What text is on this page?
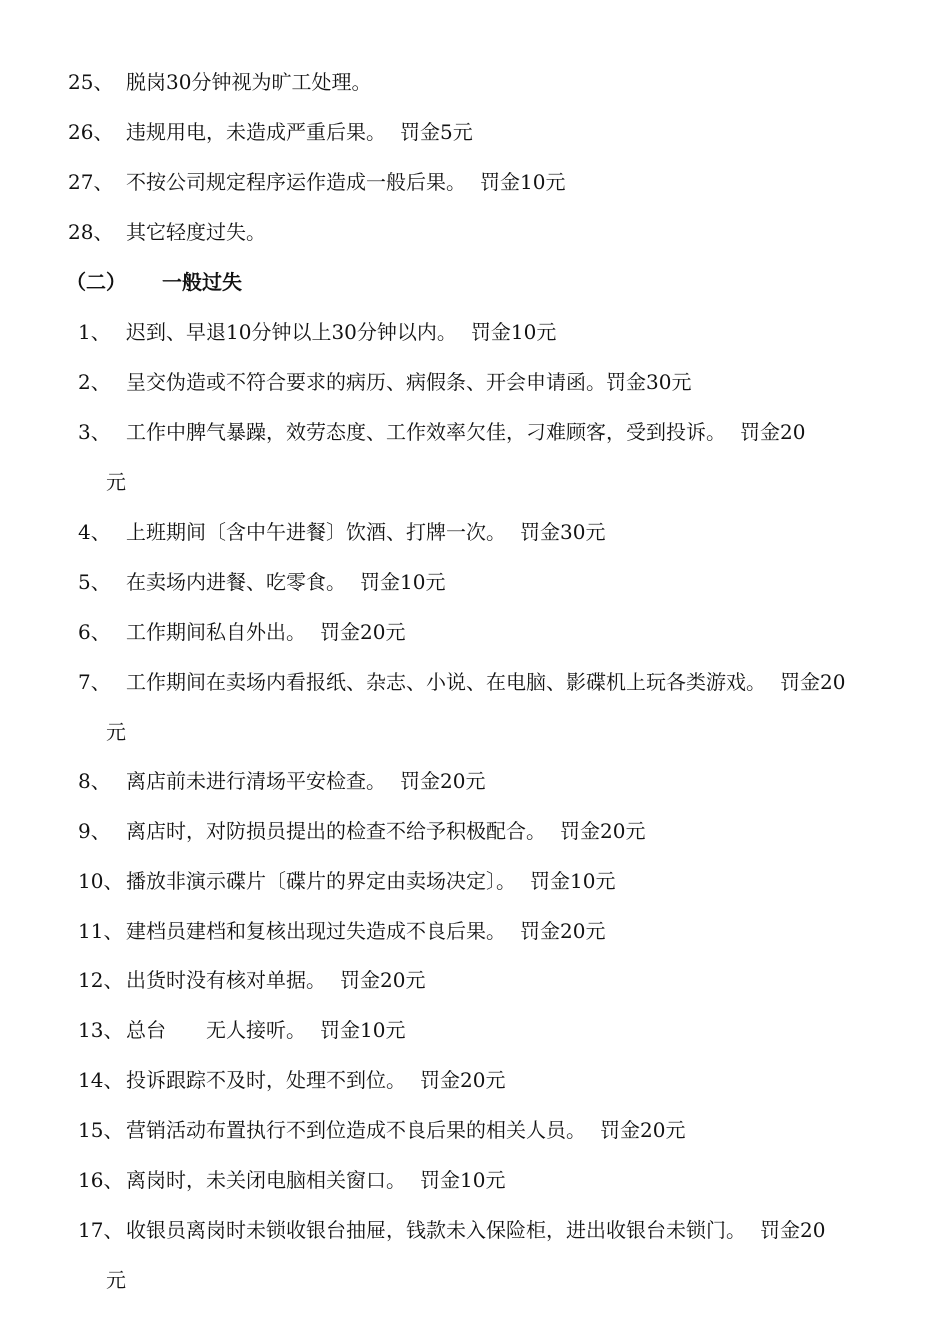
25、 脱岗30分钟视为旷工处理。
26、 违规用电，未造成严重后果。 罚金5元
27、 不按公司规定程序运作造成一般后果。 罚金10元
28、 其它轻度过失。
（二） 一般过失
1、 迟到、早退10分钟以上30分钟以内。 罚金10元
2、 呈交伪造或不符合要求的病历、病假条、开会申请函。罚金30元
3、 工作中脾气暴躁，效劳态度、工作效率欠佳，刁难顾客，受到投诉。 罚金20
元
4、 上班期间〔含中午进餐〕饮酒、打牌一次。 罚金30元
5、 在卖场内进餐、吃零食。 罚金10元
6、 工作期间私自外出。 罚金20元
7、 工作期间在卖场内看报纸、杂志、小说、在电脑、影碟机上玩各类游戏。 罚金20
元
8、 离店前未进行清场平安检查。 罚金20元
9、 离店时，对防损员提出的检查不给予积极配合。 罚金20元
10、 播放非演示碟片〔碟片的界定由卖场决定〕。 罚金10元
11、 建档员建档和复核出现过失造成不良后果。 罚金20元
12、 出货时没有核对单据。 罚金20元
13、 总台　　无人接听。 罚金10元
14、 投诉跟踪不及时，处理不到位。 罚金20元
15、 营销活动布置执行不到位造成不良后果的相关人员。 罚金20元
16、 离岗时，未关闭电脑相关窗口。 罚金10元
17、 收银员离岗时未锁收银台抽屉，钱款未入保险柜，进出收银台未锁门。 罚金20
元
